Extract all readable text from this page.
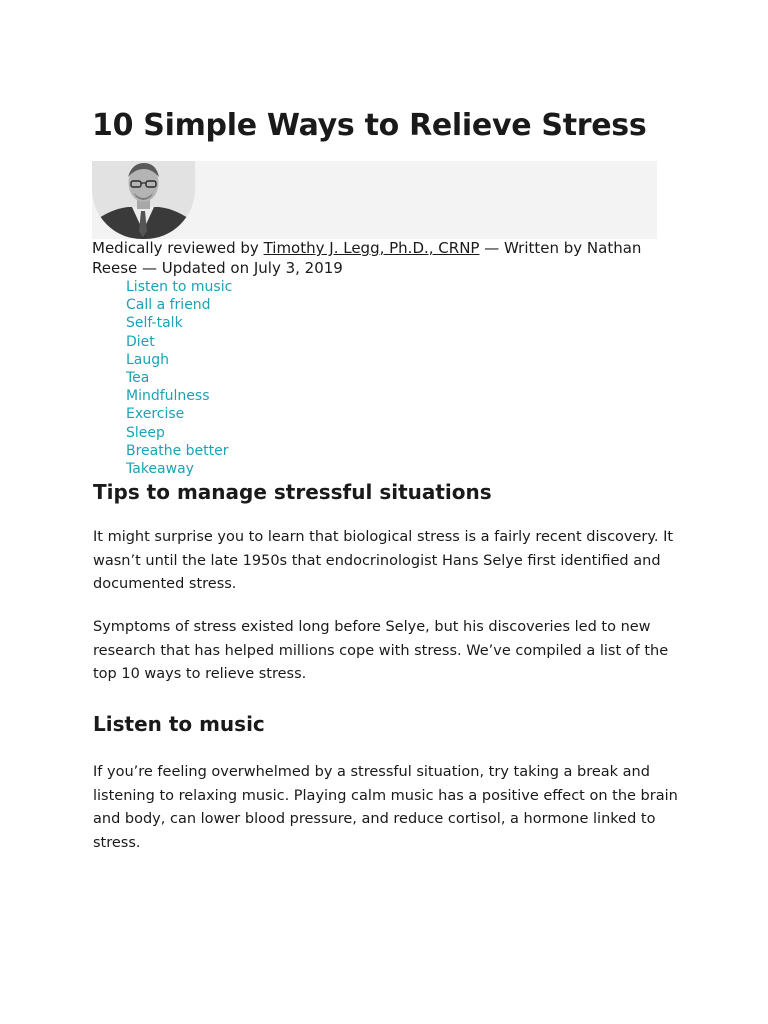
10 Simple Ways to Relieve Stress
Medically reviewed by Timothy J. Legg, Ph.D., CRNP — Written by Nathan Reese — Updated on July 3, 2019
Listen to music
Call a friend
Self-talk
Diet
Laugh
Tea
Mindfulness
Exercise
Sleep
Breathe better
Takeaway
Tips to manage stressful situations

It might surprise you to learn that biological stress is a fairly recent discovery. It wasn’t until the late 1950s that endocrinologist Hans Selye first identified and documented stress.

Symptoms of stress existed long before Selye, but his discoveries led to new research that has helped millions cope with stress. We’ve compiled a list of the top 10 ways to relieve stress.

Listen to music

If you’re feeling overwhelmed by a stressful situation, try taking a break and listening to relaxing music. Playing calm music has a positive effect on the brain and body, can lower blood pressure, and reduce cortisol, a hormone linked to stress.
